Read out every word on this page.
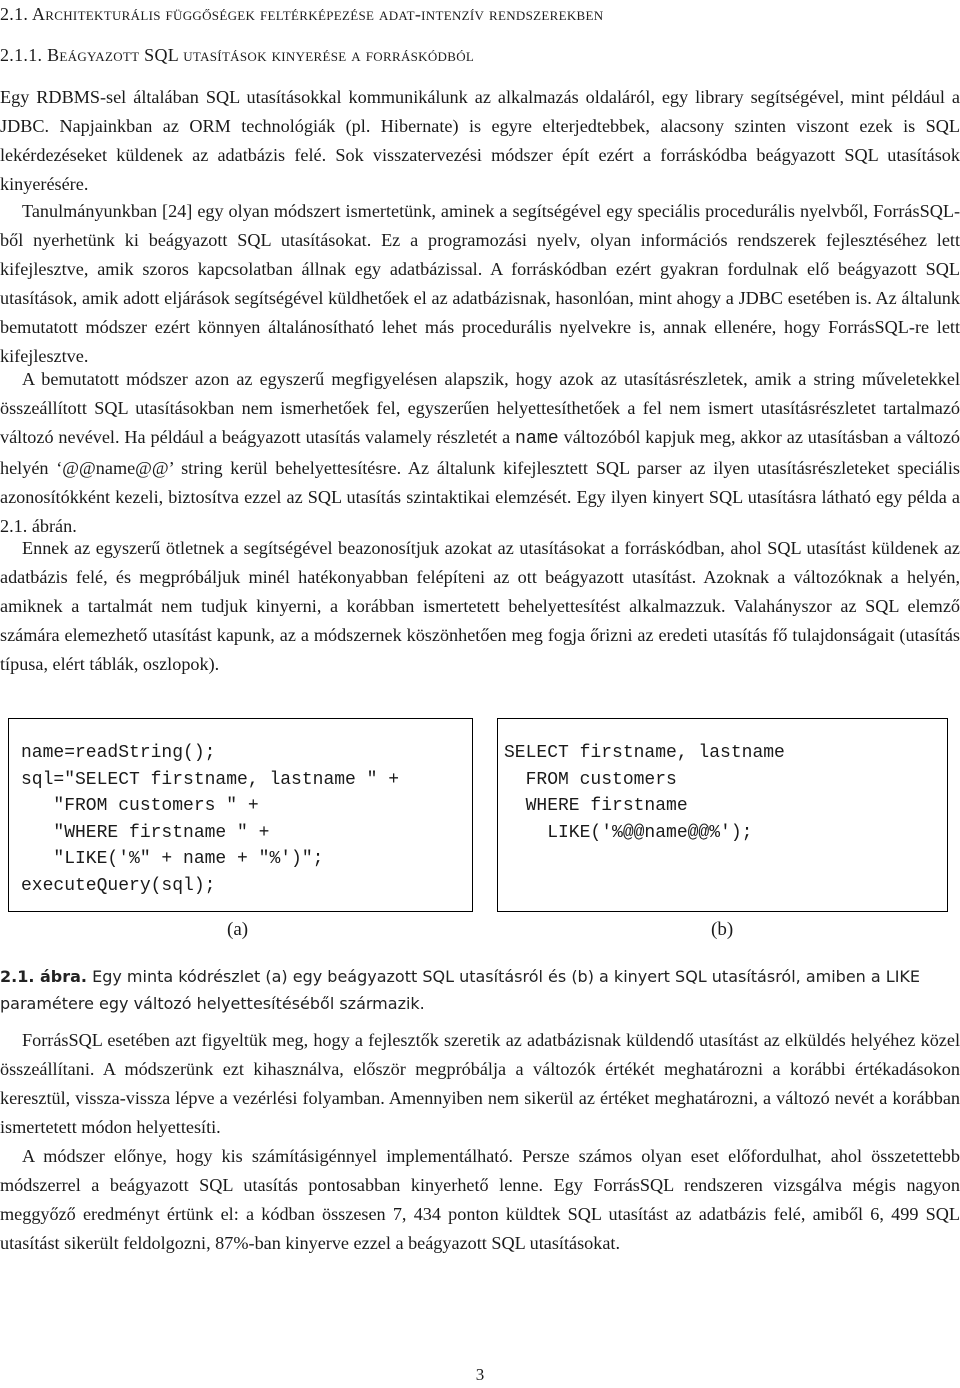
2.1. Architekturális függőségek feltérképezése adat-intenzív rendszerekben
2.1.1. Beágyazott SQL utasítások kinyerése a forráskódból

Egy RDBMS-sel általában SQL utasításokkal kommunikálunk az alkalmazás oldaláról, egy library segítségével, mint például a JDBC. Napjainkban az ORM technológiák (pl. Hibernate) is egyre elterjedtebbek, alacsony szinten viszont ezek is SQL lekérdezéseket küldenek az adatbázis felé. Sok visszatervezési módszer épít ezért a forráskódba beágyazott SQL utasítások kinyerésére.

Tanulmányunkban [24] egy olyan módszert ismertetünk, aminek a segítségével egy speciális procedurális nyelvből, ForrásSQL-ből nyerhetünk ki beágyazott SQL utasításokat. Ez a programozási nyelv, olyan információs rendszerek fejlesztéséhez lett kifejlesztve, amik szoros kapcsolatban állnak egy adatbázissal. A forráskódban ezért gyakran fordulnak elő beágyazott SQL utasítások, amik adott eljárások segítségével küldhetőek el az adatbázisnak, hasonlóan, mint ahogy a JDBC esetében is. Az általunk bemutatott módszer ezért könnyen általánosítható lehet más procedurális nyelvekre is, annak ellenére, hogy ForrásSQL-re lett kifejlesztve.

A bemutatott módszer azon az egyszerű megfigyelésen alapszik, hogy azok az utasításrészletek, amik a string műveletekkel összeállított SQL utasításokban nem ismerhetőek fel, egyszerűen helyettesíthetőek a fel nem ismert utasításrészletet tartalmazó változó nevével. Ha például a beágyazott utasítás valamely részletét a name változóból kapjuk meg, akkor az utasításban a változó helyén ‘@@name@@’ string kerül behelyettesítésre. Az általunk kifejlesztett SQL parser az ilyen utasításrészleteket speciális azonosítókként kezeli, biztosítva ezzel az SQL utasítás szintaktikai elemzését. Egy ilyen kinyert SQL utasításra látható egy példa a 2.1. ábrán.

Ennek az egyszerű ötletnek a segítségével beazonosítjuk azokat az utasításokat a forráskódban, ahol SQL utasítást küldenek az adatbázis felé, és megpróbáljuk minél hatékonyabban felépíteni az ott beágyazott utasítást. Azoknak a változóknak a helyén, amiknek a tartalmát nem tudjuk kinyerni, a korábban ismertetett behelyettesítést alkalmazzuk. Valahányszor az SQL elemző számára elemezhető utasítást kapunk, az a módszernek köszönhetően meg fogja őrizni az eredeti utasítás fő tulajdonságait (utasítás típusa, elért táblák, oszlopok).

name=readString();
sql="SELECT firstname, lastname " +
"FROM customers " +
"WHERE firstname " +
"LIKE('%" + name + "%')";
executeQuery(sql);
SELECT firstname, lastname
FROM customers
WHERE firstname
LIKE('%@@name@@%');
(a)	(b)
2.1. ábra. Egy minta kódrészlet (a) egy beágyazott SQL utasításról és (b) a kinyert SQL utasításról, amiben a LIKE paramétere egy változó helyettesítéséből származik.

ForrásSQL esetében azt figyeltük meg, hogy a fejlesztők szeretik az adatbázisnak küldendő utasítást az elküldés helyéhez közel összeállítani. A módszerünk ezt kihasználva, először megpróbálja a változók értékét meghatározni a korábbi értékadásokon keresztül, vissza-vissza lépve a vezérlési folyamban. Amennyiben nem sikerül az értéket meghatározni, a változó nevét a korábban ismertetett módon helyettesíti.

A módszer előnye, hogy kis számításigénnyel implementálható. Persze számos olyan eset előfordulhat, ahol összetettebb módszerrel a beágyazott SQL utasítás pontosabban kinyerhető lenne. Egy ForrásSQL rendszeren vizsgálva mégis nagyon meggyőző eredményt értünk el: a kódban összesen 7, 434 ponton küldtek SQL utasítást az adatbázis felé, amiből 6, 499 SQL utasítást sikerült feldolgozni, 87%-ban kinyerve ezzel a beágyazott SQL utasításokat.

3
